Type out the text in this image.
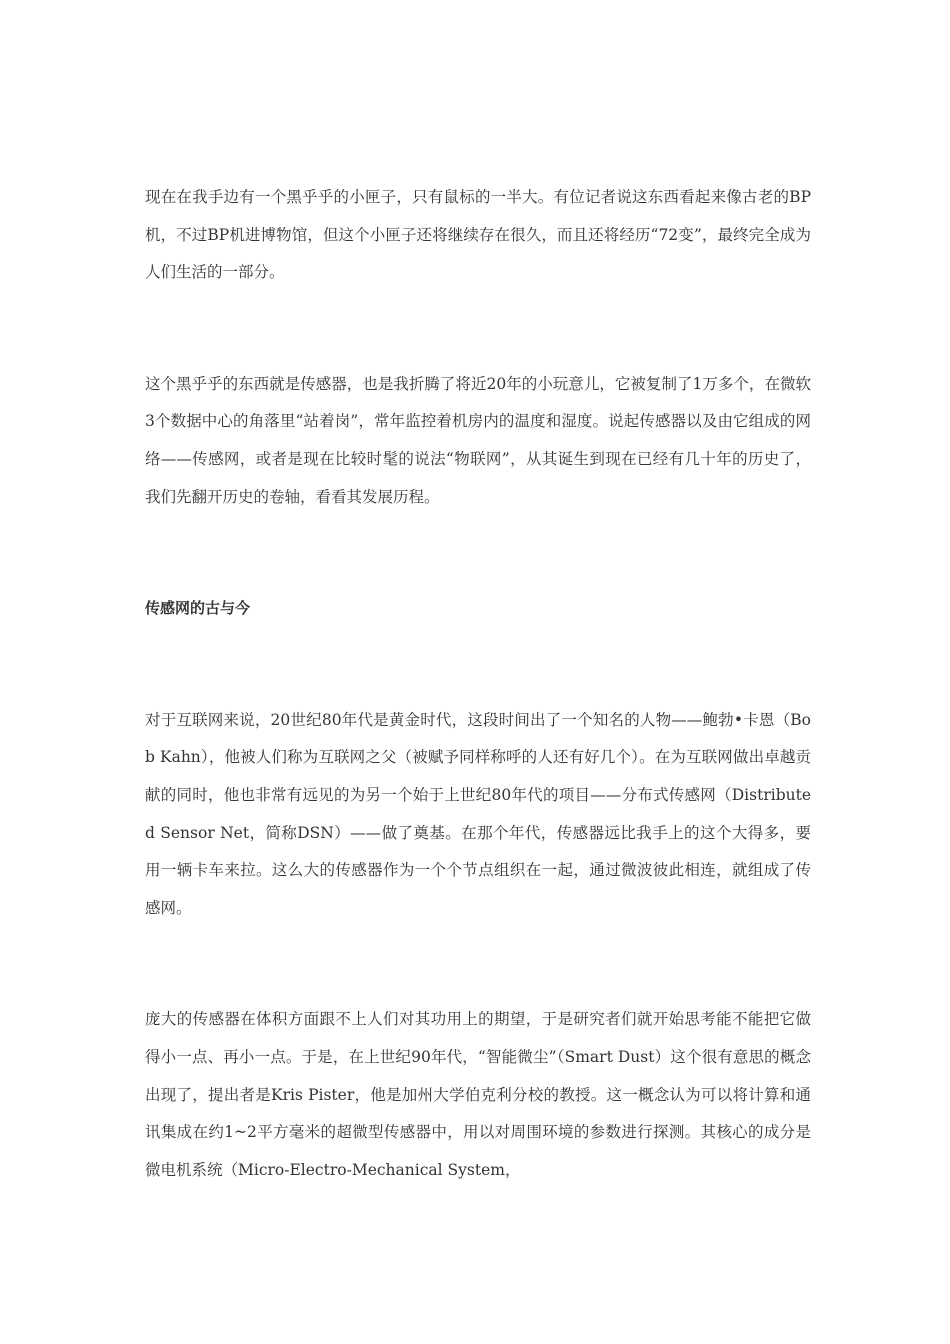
现在在我手边有一个黑乎乎的小匣子，只有鼠标的一半大。有位记者说这东西看起来像古老的BP机，不过BP机进博物馆，但这个小匣子还将继续存在很久，而且还将经历“72变”，最终完全成为人们生活的一部分。

这个黑乎乎的东西就是传感器，也是我折腾了将近20年的小玩意儿，它被复制了1万多个，在微软3个数据中心的角落里“站着岗”，常年监控着机房内的温度和湿度。说起传感器以及由它组成的网络——传感网，或者是现在比较时髦的说法“物联网”，从其诞生到现在已经有几十年的历史了，我们先翻开历史的卷轴，看看其发展历程。

传感网的古与今

对于互联网来说，20世纪80年代是黄金时代，这段时间出了一个知名的人物——鲍勃•卡恩（Bob Kahn），他被人们称为互联网之父（被赋予同样称呼的人还有好几个）。在为互联网做出卓越贡献的同时，他也非常有远见的为另一个始于上世纪80年代的项目——分布式传感网（Distributed Sensor Net，简称DSN）——做了奠基。在那个年代，传感器远比我手上的这个大得多，要用一辆卡车来拉。这么大的传感器作为一个个节点组织在一起，通过微波彼此相连，就组成了传感网。

庞大的传感器在体积方面跟不上人们对其功用上的期望，于是研究者们就开始思考能不能把它做得小一点、再小一点。于是，在上世纪90年代，“智能微尘”（Smart Dust）这个很有意思的概念出现了，提出者是Kris Pister，他是加州大学伯克利分校的教授。这一概念认为可以将计算和通讯集成在约1~2平方毫米的超微型传感器中，用以对周围环境的参数进行探测。其核心的成分是微电机系统（Micro-Electro-Mechanical System，
